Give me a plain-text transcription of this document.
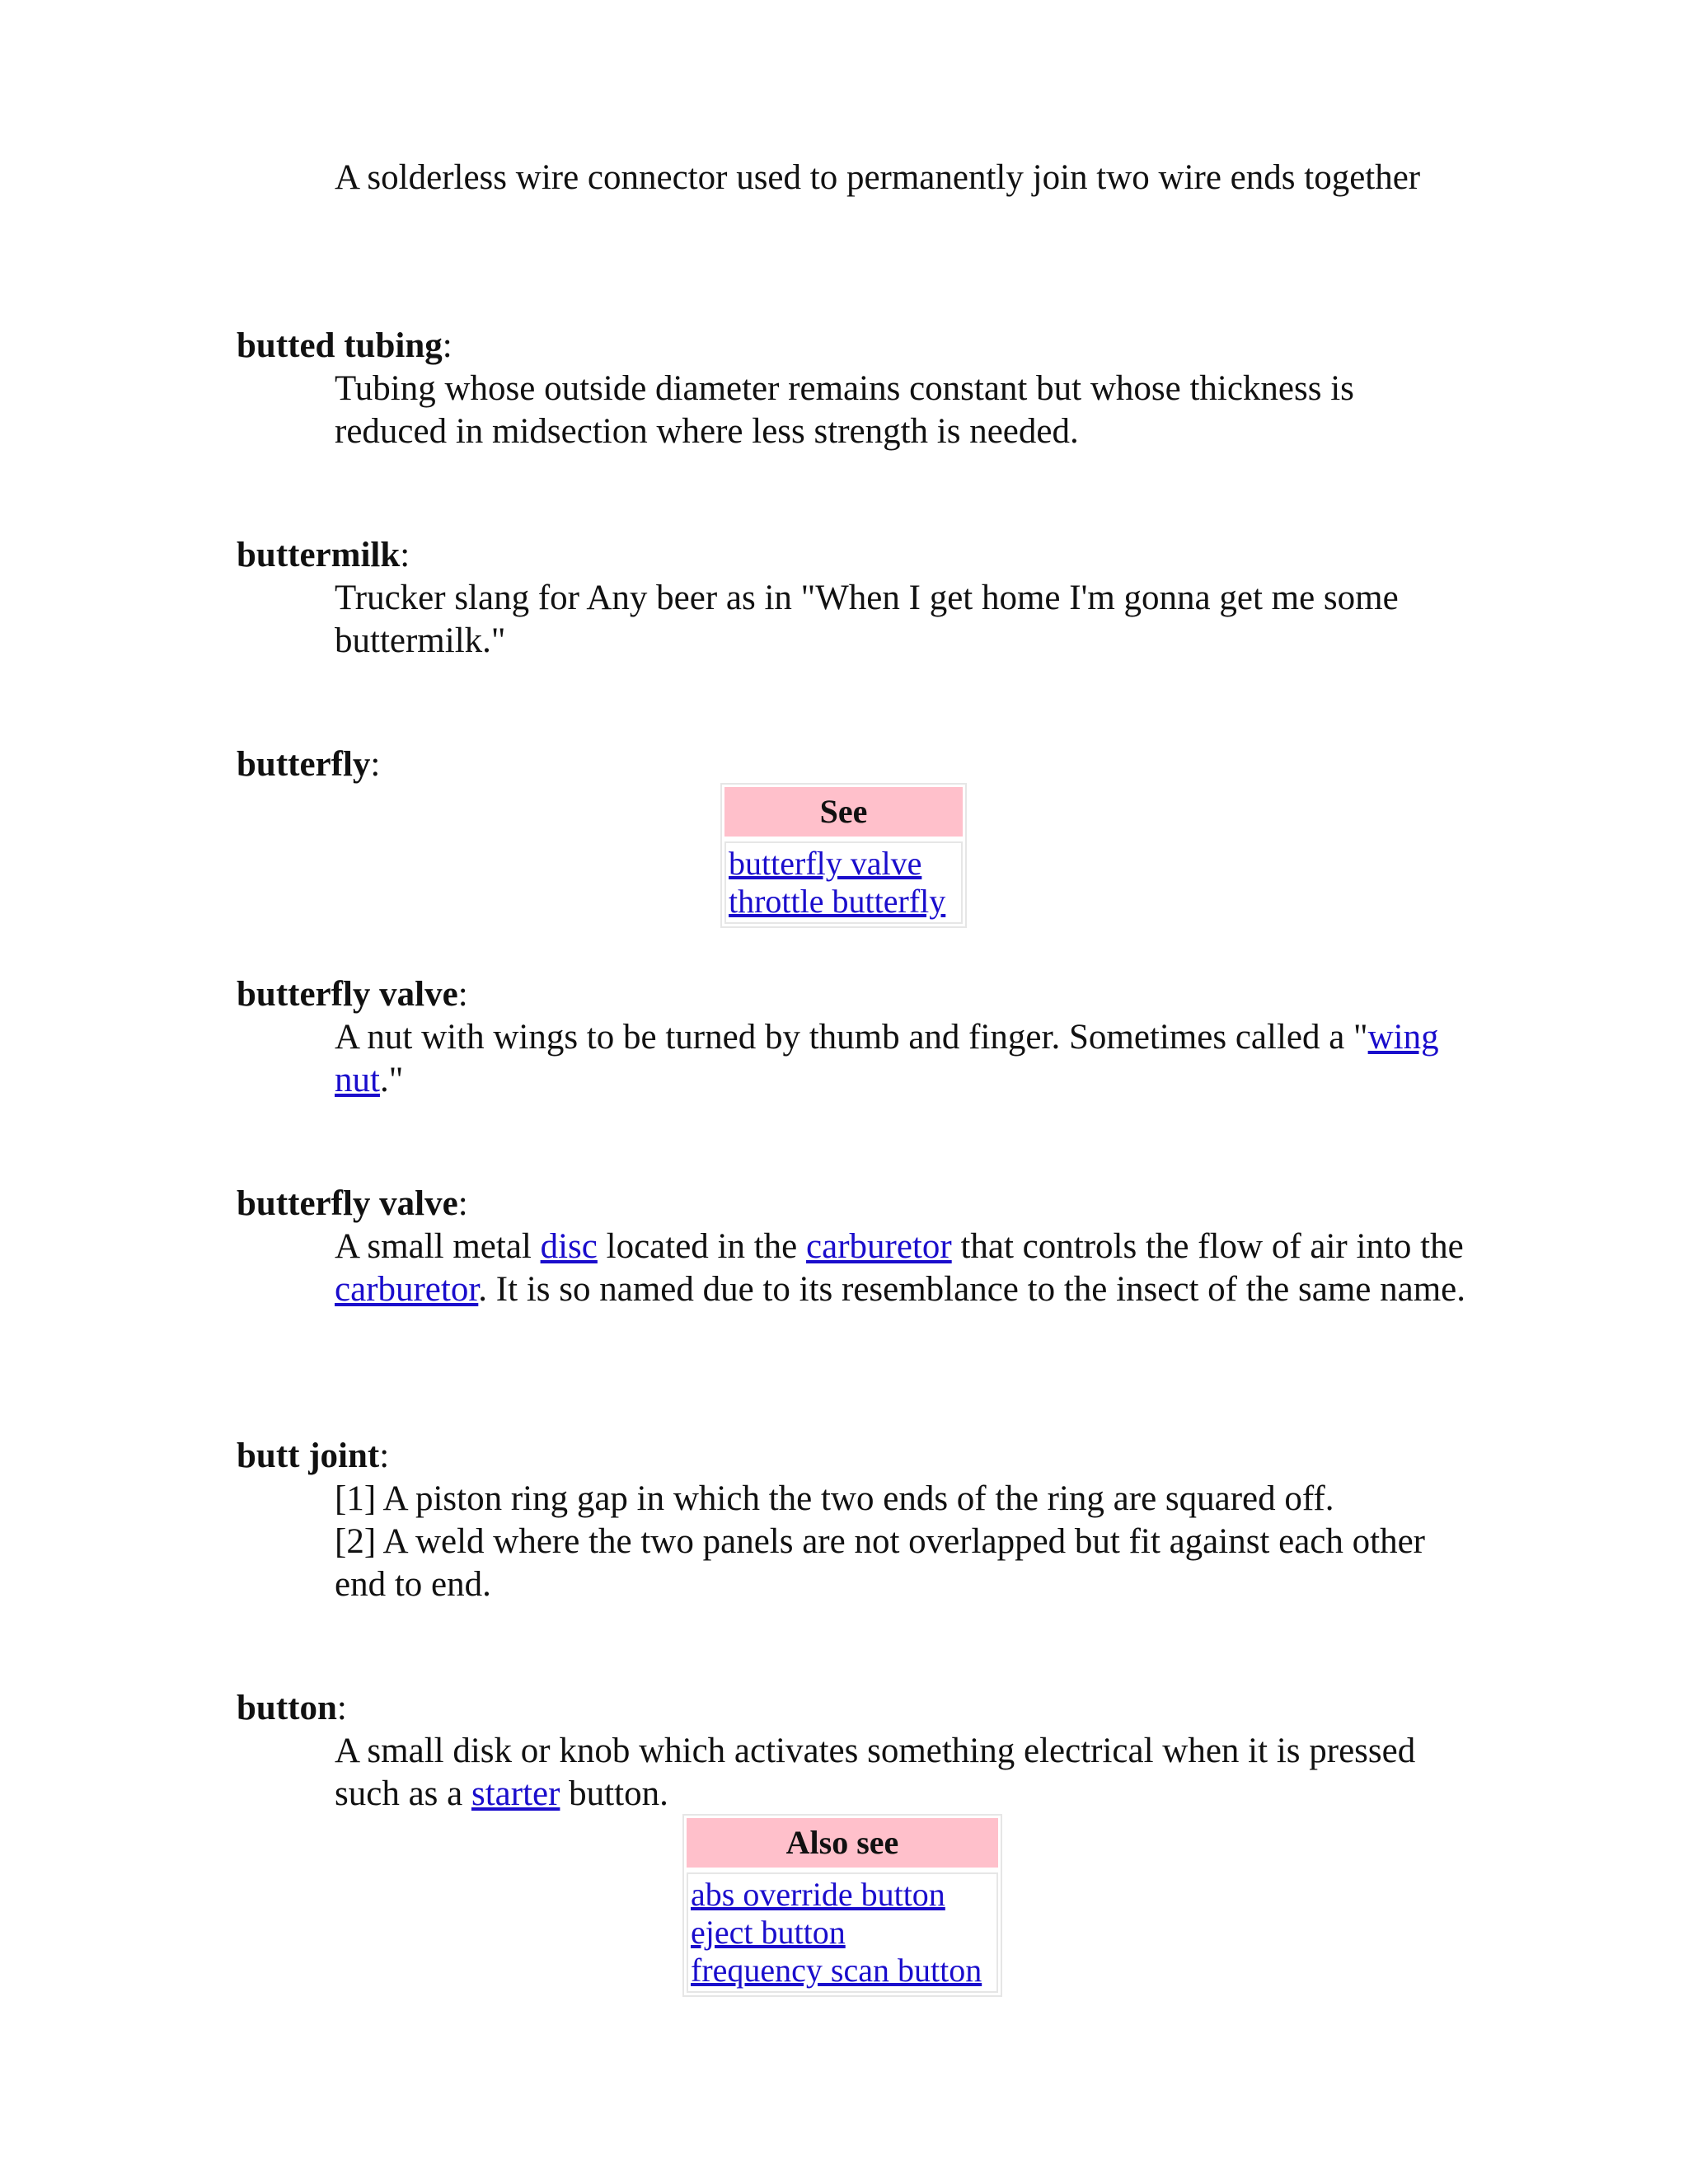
A solderless wire connector used to permanently join two wire ends together

butted tubing:

Tubing whose outside diameter remains constant but whose thickness is reduced in midsection where less strength is needed.

buttermilk:

Trucker slang for Any beer as in "When I get home I'm gonna get me some buttermilk."

butterfly:
See
butterfly valve
throttle butterfly
butterfly valve:

A nut with wings to be turned by thumb and finger. Sometimes called a "wing nut."

butterfly valve:

A small metal disc located in the carburetor that controls the flow of air into the carburetor. It is so named due to its resemblance to the insect of the same name.

butt joint:

[1] A piston ring gap in which the two ends of the ring are squared off.

[2] A weld where the two panels are not overlapped but fit against each other end to end.

button:

A small disk or knob which activates something electrical when it is pressed such as a starter button.

Also see
abs override button
eject button
frequency scan button
